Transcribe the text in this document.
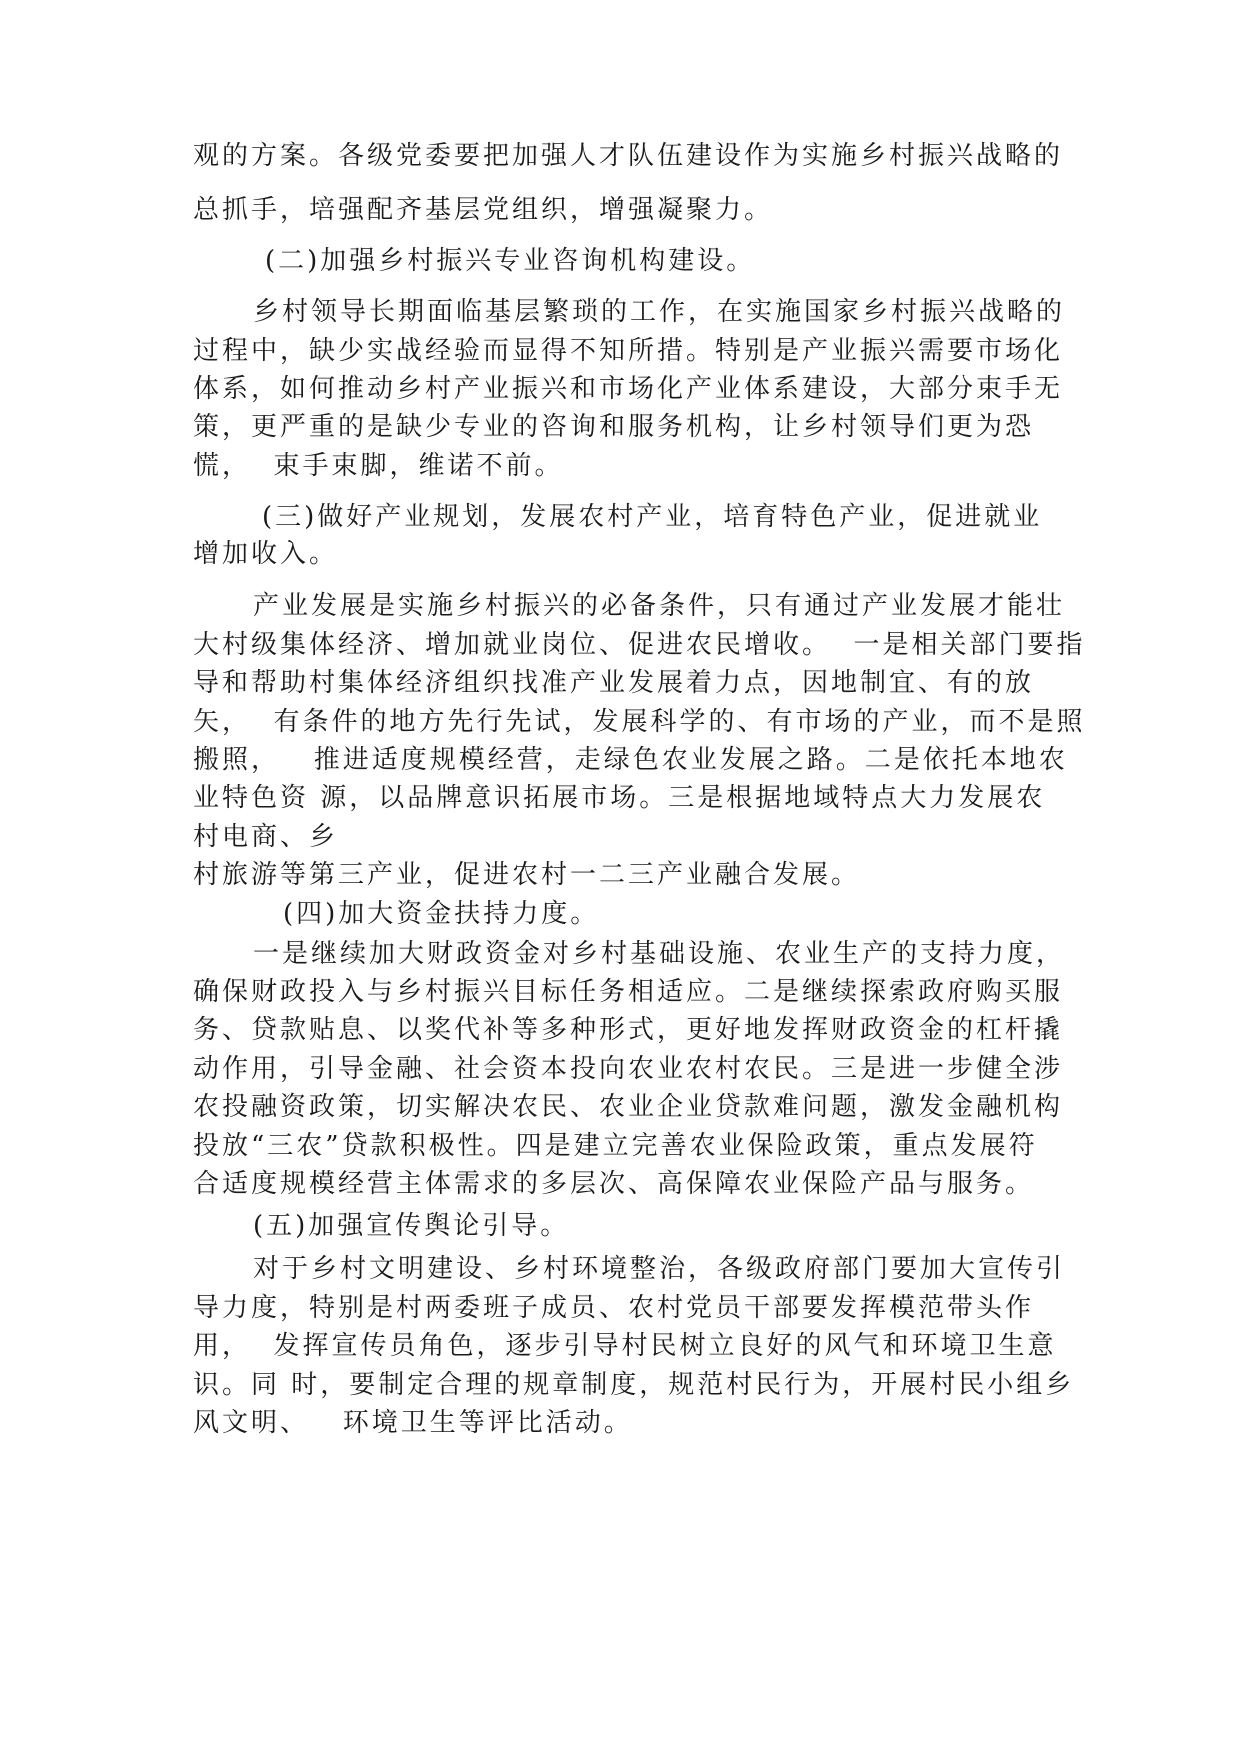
观的方案。各级党委要把加强人才队伍建设作为实施乡村振兴战略的

总抓手，培强配齐基层党组织，增强凝聚力。

(二)加强乡村振兴专业咨询机构建设。

乡村领导长期面临基层繁琐的工作，在实施国家乡村振兴战略的

过程中，缺少实战经验而显得不知所措。特别是产业振兴需要市场化

体系，如何推动乡村产业振兴和市场化产业体系建设，大部分束手无

策，更严重的是缺少专业的咨询和服务机构，让乡村领导们更为恐

慌，  束手束脚，维诺不前。

(三)做好产业规划，发展农村产业，培育特色产业，促进就业

增加收入。

产业发展是实施乡村振兴的必备条件，只有通过产业发展才能壮

大村级集体经济、增加就业岗位、促进农民增收。  一是相关部门要指

导和帮助村集体经济组织找准产业发展着力点，因地制宜、有的放

矢，  有条件的地方先行先试，发展科学的、有市场的产业，而不是照

搬照，   推进适度规模经营，走绿色农业发展之路。二是依托本地农

业特色资 源，以品牌意识拓展市场。三是根据地域特点大力发展农

村电商、乡

村旅游等第三产业，促进农村一二三产业融合发展。

(四)加大资金扶持力度。

一是继续加大财政资金对乡村基础设施、农业生产的支持力度，

确保财政投入与乡村振兴目标任务相适应。二是继续探索政府购买服

务、贷款贴息、以奖代补等多种形式，更好地发挥财政资金的杠杆撬

动作用，引导金融、社会资本投向农业农村农民。三是进一步健全涉

农投融资政策，切实解决农民、农业企业贷款难问题，激发金融机构

投放“三农”贷款积极性。四是建立完善农业保险政策，重点发展符

合适度规模经营主体需求的多层次、高保障农业保险产品与服务。

(五)加强宣传舆论引导。

对于乡村文明建设、乡村环境整治，各级政府部门要加大宣传引

导力度，特别是村两委班子成员、农村党员干部要发挥模范带头作

用，  发挥宣传员角色，逐步引导村民树立良好的风气和环境卫生意

识。同 时，要制定合理的规章制度，规范村民行为，开展村民小组乡

风文明、   环境卫生等评比活动。
